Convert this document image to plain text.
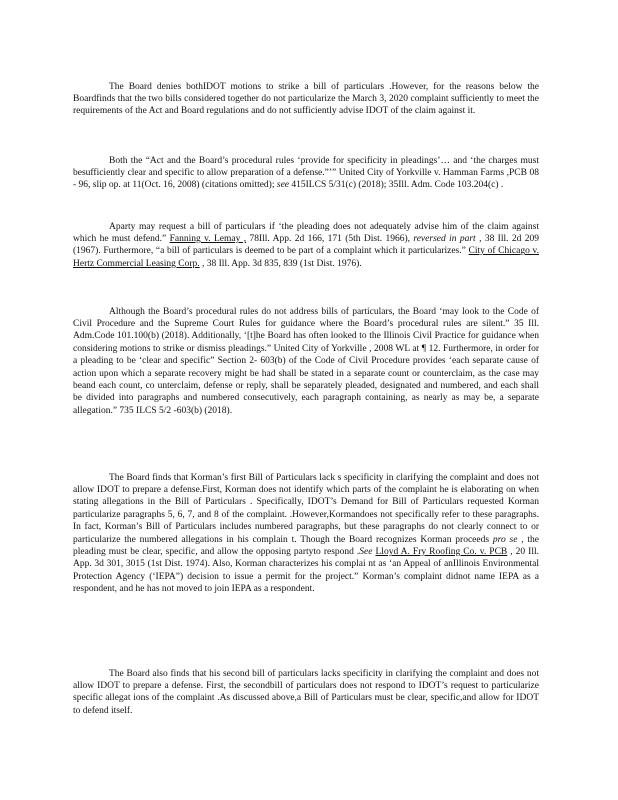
The Board denies bothIDOT motions to strike a bill of particulars .However, for the reasons below the Boardfinds that the two bills considered together do not particularize the March 3, 2020 complaint sufficiently to meet the requirements of the Act and Board regulations and do not sufficiently advise IDOT of the claim against it.

Both the “Act and the Board’s procedural rules ‘provide for specificity in pleadings’… and ‘the charges must besufficiently clear and specific to allow preparation of a defense.”’” United City of Yorkville v. Hamman Farms ,PCB 08 - 96, slip op. at 11(Oct. 16, 2008) (citations omitted); see 415ILCS 5/31(c) (2018); 35Ill. Adm. Code 103.204(c) .

Aparty may request a bill of particulars if ‘the pleading does not adequately advise him of the claim against which he must defend.” Fanning v. Lemay , 78Ill. App. 2d 166, 171 (5th Dist. 1966), reversed in part , 38 Ill. 2d 209 (1967). Furthermore, “a bill of particulars is deemed to be part of a complaint which it particularizes.” City of Chicago v. Hertz Commercial Leasing Corp. , 38 Ill. App. 3d 835, 839 (1st Dist. 1976).

Although the Board’s procedural rules do not address bills of particulars, the Board ‘may look to the Code of Civil Procedure and the Supreme Court Rules for guidance where the Board’s procedural rules are silent.” 35 Ill. Adm.Code 101.100(b) (2018). Additionally, ‘[t]he Board has often looked to the Illinois Civil Practice for guidance when considering motions to strike or dismiss pleadings.” United City of Yorkville , 2008 WL at ¶ 12. Furthermore, in order for a pleading to be ‘clear and specific” Section 2- 603(b) of the Code of Civil Procedure provides ‘each separate cause of action upon which a separate recovery might be had shall be stated in a separate count or counterclaim, as the case may beand each count, co unterclaim, defense or reply, shall be separately pleaded, designated and numbered, and each shall be divided into paragraphs and numbered consecutively, each paragraph containing, as nearly as may be, a separate allegation.” 735 ILCS 5/2 -603(b) (2018).

The Board finds that Korman’s first Bill of Particulars lack s specificity in clarifying the complaint and does not allow IDOT to prepare a defense.First, Korman does not identify which parts of the complaint he is elaborating on when stating allegations in the Bill of Particulars . Specifically, IDOT’s Demand for Bill of Particulars requested Korman particularize paragraphs 5, 6, 7, and 8 of the complaint. .However,Kormandoes not specifically refer to these paragraphs. In fact, Korman’s Bill of Particulars includes numbered paragraphs, but these paragraphs do not clearly connect to or particularize the numbered allegations in his complain t. Though the Board recognizes Korman proceeds pro se , the pleading must be clear, specific, and allow the opposing partyto respond .See Lloyd A. Fry Roofing Co. v. PCB , 20 Ill. App. 3d 301, 3015 (1st Dist. 1974). Also, Korman characterizes his complai nt as ‘an Appeal of anIllinois Environmental Protection Agency (‘IEPA”) decision to issue a permit for the project.” Korman’s complaint didnot name IEPA as a respondent, and he has not moved to join IEPA as a respondent.

The Board also finds that his second bill of particulars lacks specificity in clarifying the complaint and does not allow IDOT to prepare a defense. First, the secondbill of particulars does not respond to IDOT’s request to particularize specific allegat ions of the complaint .As discussed above,a Bill of Particulars must be clear, specific,and allow for IDOT to defend itself.
